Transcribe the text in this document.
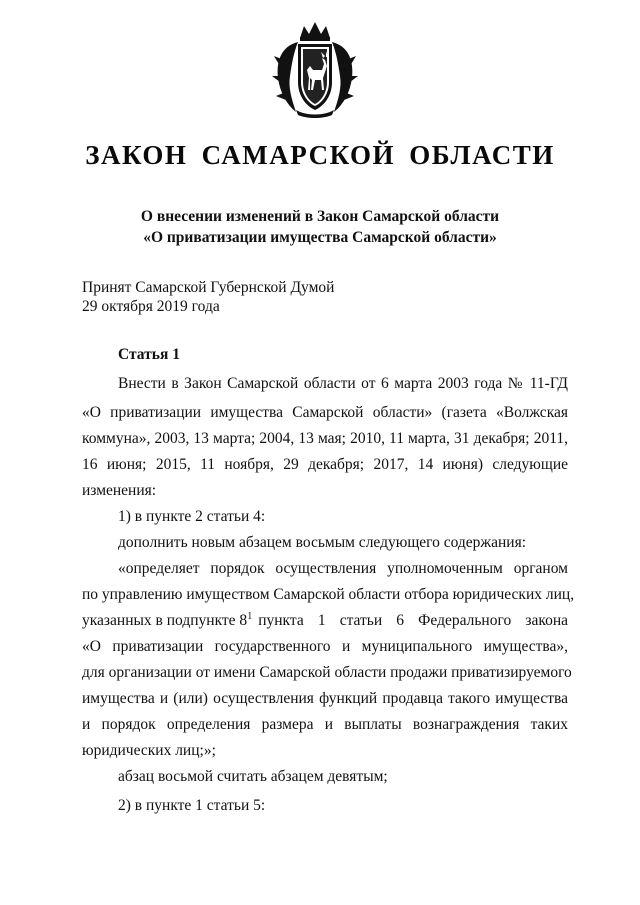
ЗАКОН САМАРСКОЙ ОБЛАСТИ
О внесении изменений в Закон Самарской области
«О приватизации имущества Самарской области»
Принят Самарской Губернской Думой
29 октября 2019 года
Статья 1
Внести в Закон Самарской области от 6 марта 2003 года № 11-ГД
«О приватизации имущества Самарской области» (газета «Волжская
коммуна», 2003, 13 марта; 2004, 13 мая; 2010, 11 марта, 31 декабря; 2011,
16 июня; 2015, 11 ноября, 29 декабря; 2017, 14 июня) следующие
изменения:
1) в пункте 2 статьи 4:
дополнить новым абзацем восьмым следующего содержания:
«определяет порядок осуществления уполномоченным органом
по управлению имуществом Самарской области отбора юридических лиц,
указанных в подпункте $8^1$ пункта 1 статьи 6 Федерального закона
«О приватизации государственного и муниципального имущества»,
для организации от имени Самарской области продажи приватизируемого
имущества и (или) осуществления функций продавца такого имущества
и порядок определения размера и выплаты вознаграждения таких
юридических лиц;»;
абзац восьмой считать абзацем девятым;
2) в пункте 1 статьи 5:
